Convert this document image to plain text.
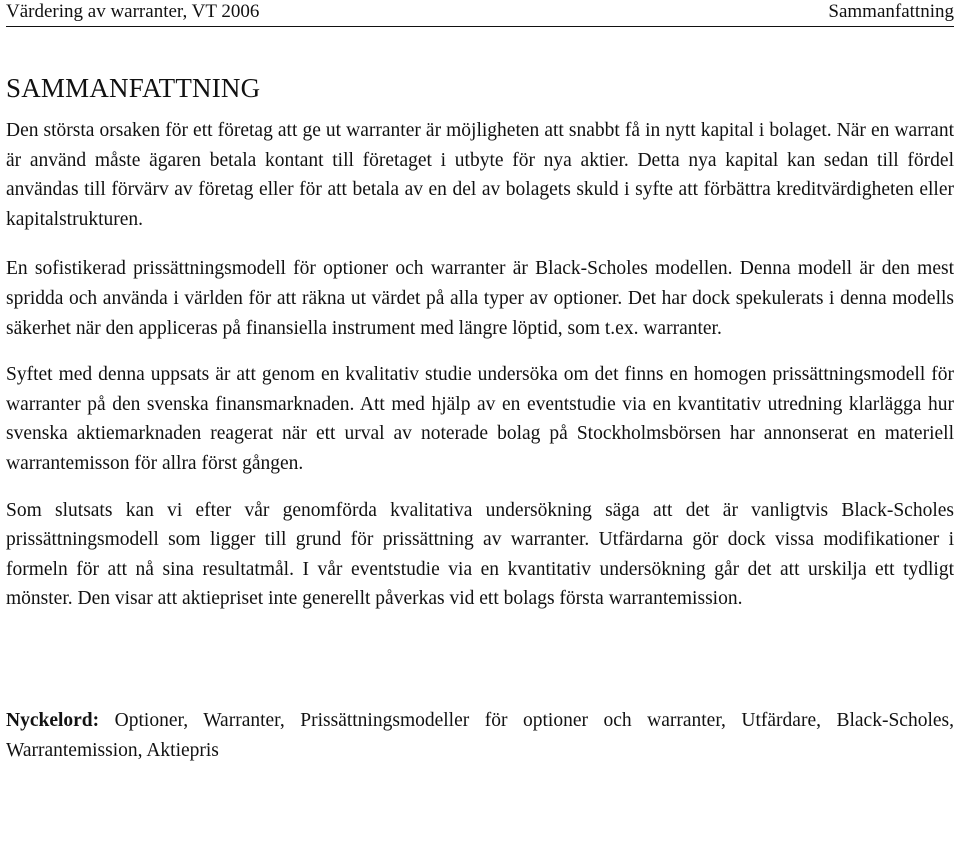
Värdering av warranter, VT 2006	Sammanfattning
SAMMANFATTNING

Den största orsaken för ett företag att ge ut warranter är möjligheten att snabbt få in nytt kapital i bolaget. När en warrant är använd måste ägaren betala kontant till företaget i utbyte för nya aktier. Detta nya kapital kan sedan till fördel användas till förvärv av företag eller för att betala av en del av bolagets skuld i syfte att förbättra kreditvärdigheten eller kapitalstrukturen.

En sofistikerad prissättningsmodell för optioner och warranter är Black-Scholes modellen. Denna modell är den mest spridda och använda i världen för att räkna ut värdet på alla typer av optioner. Det har dock spekulerats i denna modells säkerhet när den appliceras på finansiella instrument med längre löptid, som t.ex. warranter.

Syftet med denna uppsats är att genom en kvalitativ studie undersöka om det finns en homogen prissättningsmodell för warranter på den svenska finansmarknaden. Att med hjälp av en eventstudie via en kvantitativ utredning klarlägga hur svenska aktiemarknaden reagerat när ett urval av noterade bolag på Stockholmsbörsen har annonserat en materiell warrantemisson för allra först gången.

Som slutsats kan vi efter vår genomförda kvalitativa undersökning säga att det är vanligtvis Black-Scholes prissättningsmodell som ligger till grund för prissättning av warranter. Utfärdarna gör dock vissa modifikationer i formeln för att nå sina resultatmål. I vår eventstudie via en kvantitativ undersökning går det att urskilja ett tydligt mönster. Den visar att aktiepriset inte generellt påverkas vid ett bolags första warrantemission.

Nyckelord: Optioner, Warranter, Prissättningsmodeller för optioner och warranter, Utfärdare, Black-Scholes, Warrantemission, Aktiepris
